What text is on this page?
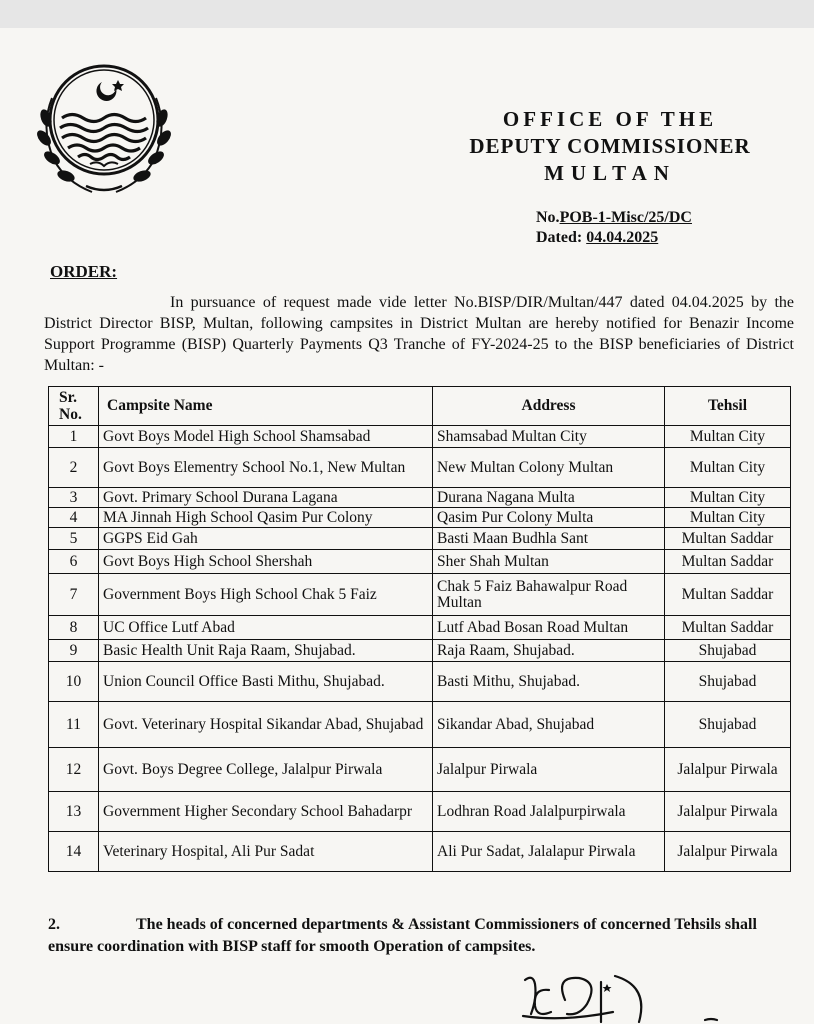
OFFICE OF THE
DEPUTY COMMISSIONER
MULTAN
No.POB-1-Misc/25/DC
Dated: 04.04.2025
ORDER:
In pursuance of request made vide letter No.BISP/DIR/Multan/447 dated 04.04.2025 by the District Director BISP, Multan, following campsites in District Multan are hereby notified for Benazir Income Support Programme (BISP) Quarterly Payments Q3 Tranche of FY-2024-25 to the BISP beneficiaries of District Multan: -
Sr. No.	Campsite Name	Address	Tehsil
1	Govt Boys Model High School Shamsabad	Shamsabad Multan City	Multan City
2	Govt Boys Elementry School No.1, New Multan	New Multan Colony Multan	Multan City
3	Govt. Primary School Durana Lagana	Durana Nagana Multa	Multan City
4	MA Jinnah High School Qasim Pur Colony	Qasim Pur Colony Multa	Multan City
5	GGPS Eid Gah	Basti Maan Budhla Sant	Multan Saddar
6	Govt Boys High School Shershah	Sher Shah Multan	Multan Saddar
7	Government Boys High School Chak 5 Faiz	Chak 5 Faiz Bahawalpur Road Multan	Multan Saddar
8	UC Office Lutf Abad	Lutf Abad Bosan Road Multan	Multan Saddar
9	Basic Health Unit Raja Raam, Shujabad.	Raja Raam, Shujabad.	Shujabad
10	Union Council Office Basti Mithu, Shujabad.	Basti Mithu, Shujabad.	Shujabad
11	Govt. Veterinary Hospital Sikandar Abad, Shujabad	Sikandar Abad, Shujabad	Shujabad
12	Govt. Boys Degree College, Jalalpur Pirwala	Jalalpur Pirwala	Jalalpur Pirwala
13	Government Higher Secondary School Bahadarpr	Lodhran Road Jalalpurpirwala	Jalalpur Pirwala
14	Veterinary Hospital, Ali Pur Sadat	Ali Pur Sadat, Jalalapur Pirwala	Jalalpur Pirwala
2.	The heads of concerned departments & Assistant Commissioners of concerned Tehsils shall ensure coordination with BISP staff for smooth Operation of campsites.
